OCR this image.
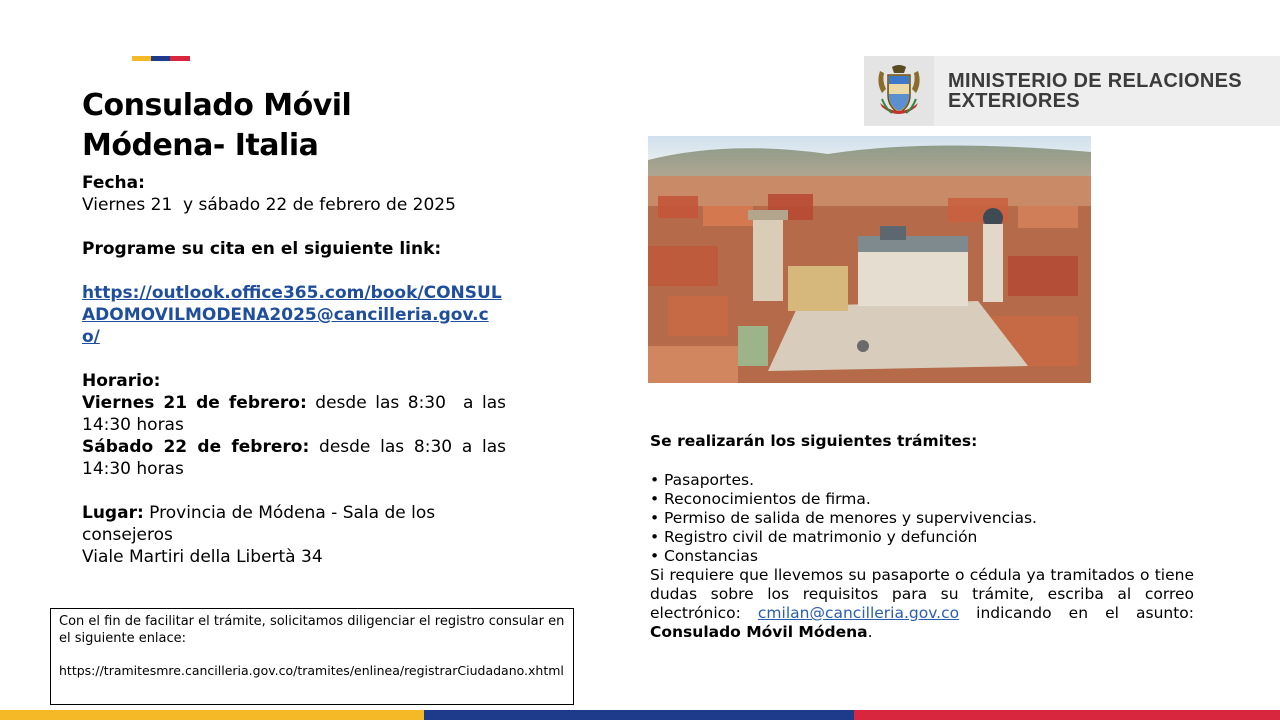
MINISTERIO DE RELACIONES
EXTERIORES
Consulado Móvil
Módena- Italia

Fecha:

Viernes 21  y sábado 22 de febrero de 2025

Programe su cita en el siguiente link:

https://outlook.office365.com/book/CONSULADOMOVILMODENA2025@cancilleria.gov.co/

Horario:

Viernes 21 de febrero: desde las 8:30  a las 14:30 horas

Sábado 22 de febrero: desde las 8:30 a las 14:30 horas

Lugar: Provincia de Módena - Sala de los consejeros

Viale Martiri della Libertà 34

Con el fin de facilitar el trámite, solicitamos diligenciar el registro consular en el siguiente enlace:

https://tramitesmre.cancilleria.gov.co/tramites/enlinea/registrarCiudadano.xhtml

Se realizarán los siguientes trámites:

• Pasaportes.
• Reconocimientos de firma.
• Permiso de salida de menores y supervivencias.
• Registro civil de matrimonio y defunción
• Constancias

Si requiere que llevemos su pasaporte o cédula ya tramitados o tiene dudas sobre los requisitos para su trámite, escriba al correo electrónico: cmilan@cancilleria.gov.co indicando en el asunto: Consulado Móvil Módena.
